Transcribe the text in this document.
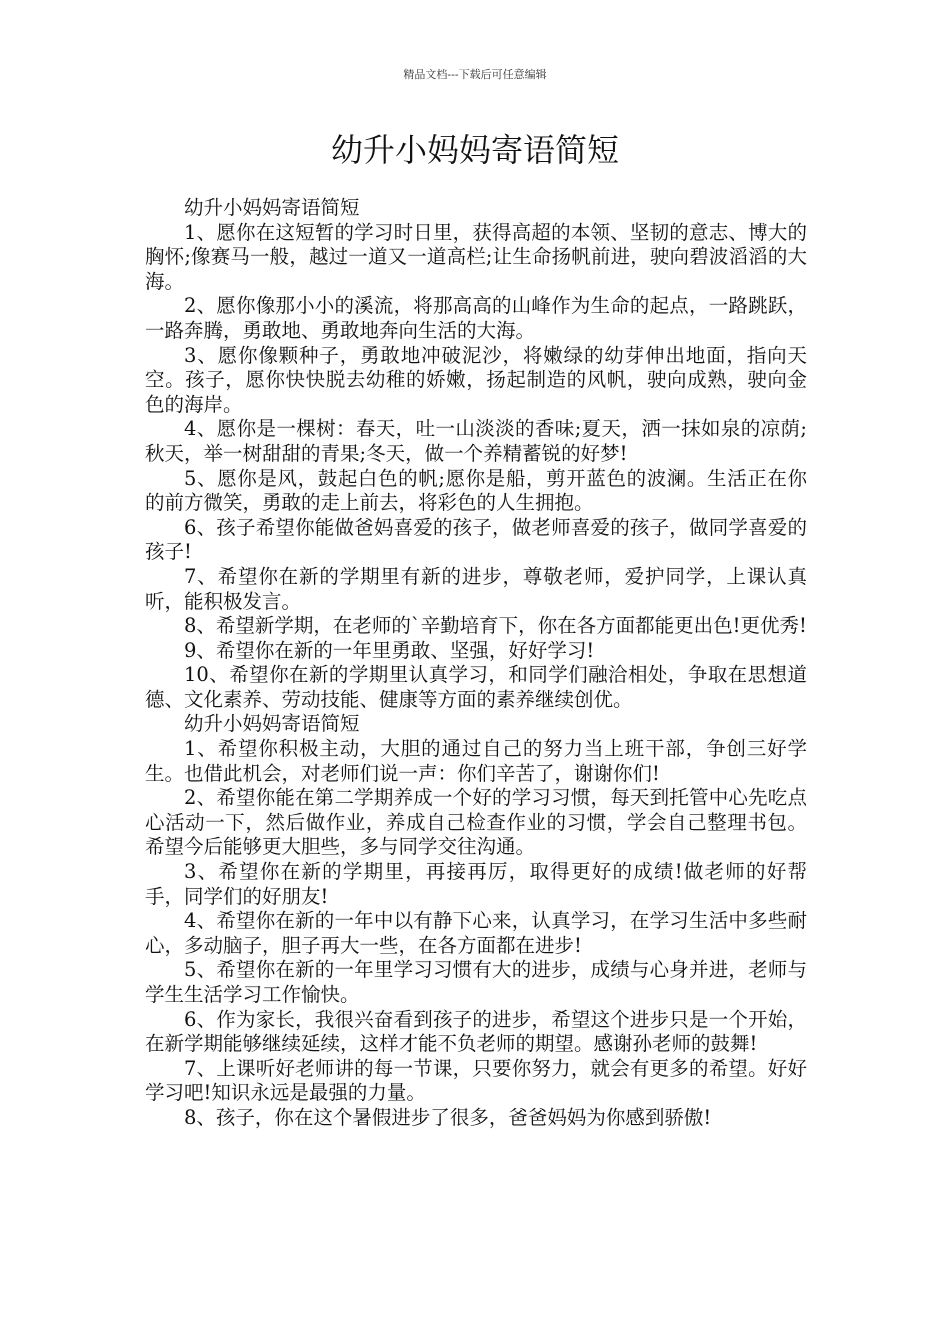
精品文档---下载后可任意编辑
幼升小妈妈寄语简短

幼升小妈妈寄语简短

1、愿你在这短暂的学习时日里，获得高超的本领、坚韧的意志、博大的胸怀;像赛马一般，越过一道又一道高栏;让生命扬帆前进，驶向碧波滔滔的大海。

2、愿你像那小小的溪流，将那高高的山峰作为生命的起点，一路跳跃，一路奔腾，勇敢地、勇敢地奔向生活的大海。

3、愿你像颗种子，勇敢地冲破泥沙，将嫩绿的幼芽伸出地面，指向天空。孩子，愿你快快脱去幼稚的娇嫩，扬起制造的风帆，驶向成熟，驶向金色的海岸。

4、愿你是一棵树：春天，吐一山淡淡的香味;夏天，洒一抹如泉的凉荫;秋天，举一树甜甜的青果;冬天，做一个养精蓄锐的好梦!

5、愿你是风，鼓起白色的帆;愿你是船，剪开蓝色的波澜。生活正在你的前方微笑，勇敢的走上前去，将彩色的人生拥抱。

6、孩子希望你能做爸妈喜爱的孩子，做老师喜爱的孩子，做同学喜爱的孩子!

7、希望你在新的学期里有新的进步，尊敬老师，爱护同学，上课认真听，能积极发言。

8、希望新学期，在老师的`辛勤培育下，你在各方面都能更出色!更优秀!

9、希望你在新的一年里勇敢、坚强，好好学习!

10、希望你在新的学期里认真学习，和同学们融洽相处，争取在思想道德、文化素养、劳动技能、健康等方面的素养继续创优。

幼升小妈妈寄语简短

1、希望你积极主动，大胆的通过自己的努力当上班干部，争创三好学生。也借此机会，对老师们说一声：你们辛苦了，谢谢你们!

2、希望你能在第二学期养成一个好的学习习惯，每天到托管中心先吃点心活动一下，然后做作业，养成自己检查作业的习惯，学会自己整理书包。希望今后能够更大胆些，多与同学交往沟通。

3、希望你在新的学期里，再接再厉，取得更好的成绩!做老师的好帮手，同学们的好朋友!

4、希望你在新的一年中以有静下心来，认真学习，在学习生活中多些耐心，多动脑子，胆子再大一些，在各方面都在进步!

5、希望你在新的一年里学习习惯有大的进步，成绩与心身并进，老师与学生生活学习工作愉快。

6、作为家长，我很兴奋看到孩子的进步，希望这个进步只是一个开始，在新学期能够继续延续，这样才能不负老师的期望。感谢孙老师的鼓舞!

7、上课听好老师讲的每一节课，只要你努力，就会有更多的希望。好好学习吧!知识永远是最强的力量。

8、孩子，你在这个暑假进步了很多，爸爸妈妈为你感到骄傲!
